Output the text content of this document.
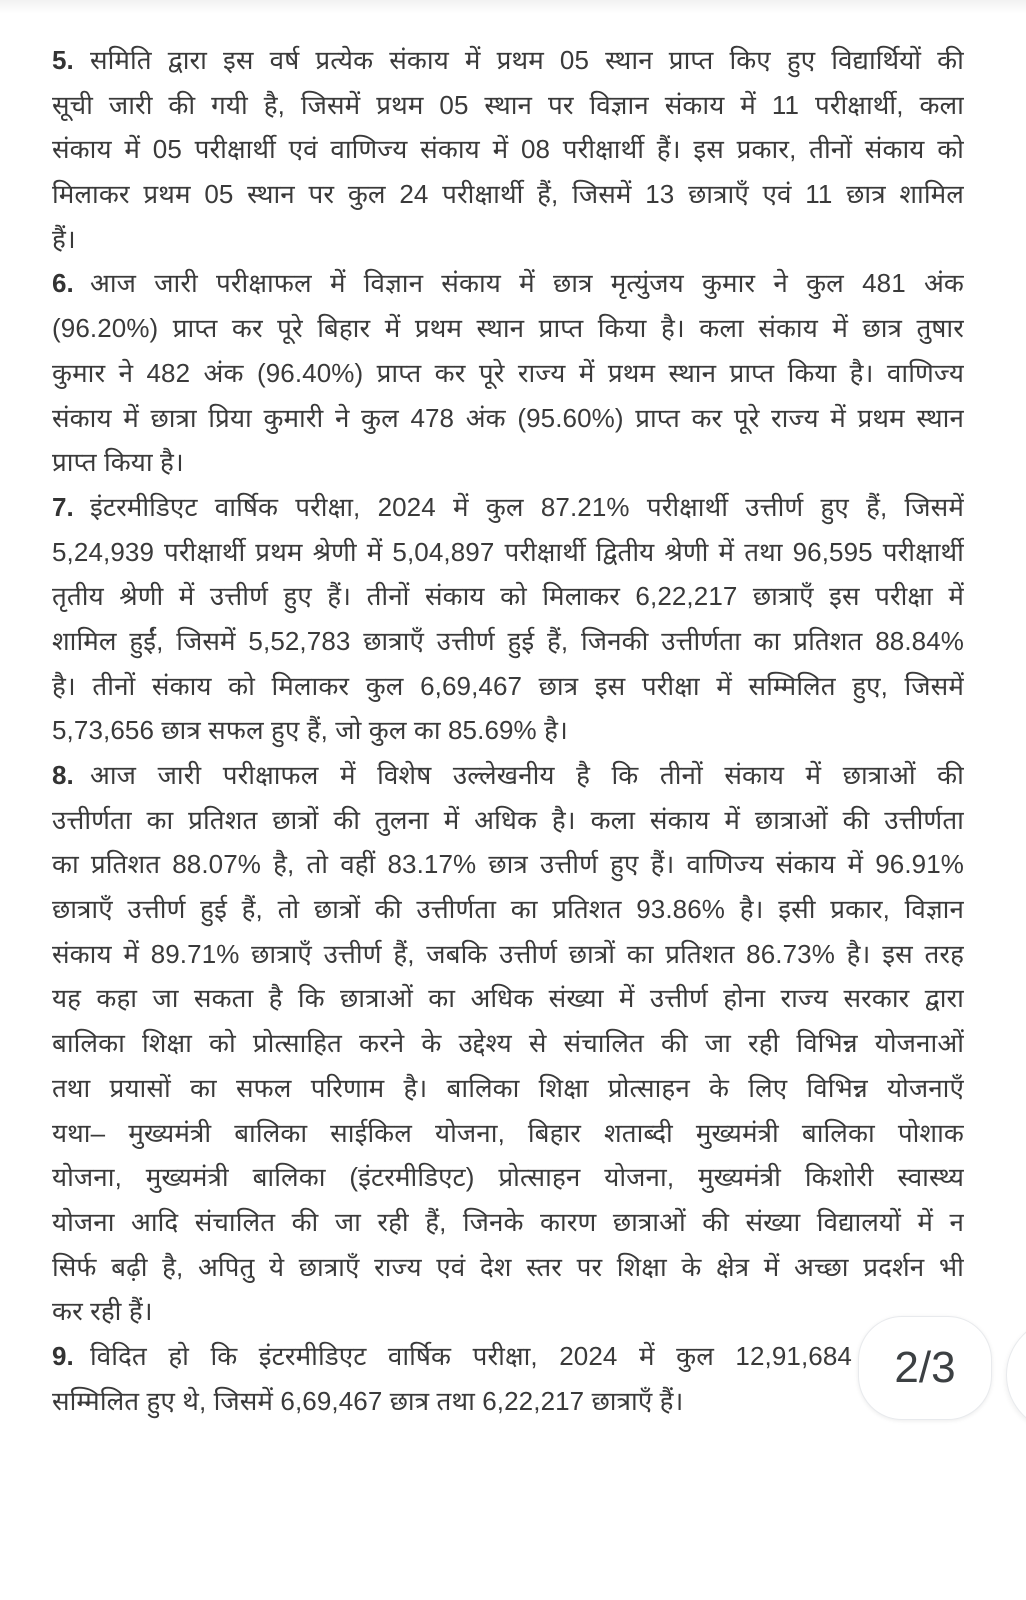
5. समिति द्वारा इस वर्ष प्रत्येक संकाय में प्रथम 05 स्थान प्राप्त किए हुए विद्यार्थियों की
सूची जारी की गयी है, जिसमें प्रथम 05 स्थान पर विज्ञान संकाय में 11 परीक्षार्थी, कला
संकाय में 05 परीक्षार्थी एवं वाणिज्य संकाय में 08 परीक्षार्थी हैं। इस प्रकार, तीनों संकाय को
मिलाकर प्रथम 05 स्थान पर कुल 24 परीक्षार्थी हैं, जिसमें 13 छात्राएँ एवं 11 छात्र शामिल
हैं।
6. आज जारी परीक्षाफल में विज्ञान संकाय में छात्र मृत्युंजय कुमार ने कुल 481 अंक
(96.20%) प्राप्त कर पूरे बिहार में प्रथम स्थान प्राप्त किया है। कला संकाय में छात्र तुषार
कुमार ने 482 अंक (96.40%) प्राप्त कर पूरे राज्य में प्रथम स्थान प्राप्त किया है। वाणिज्य
संकाय में छात्रा प्रिया कुमारी ने कुल 478 अंक (95.60%) प्राप्त कर पूरे राज्य में प्रथम स्थान
प्राप्त किया है।
7. इंटरमीडिएट वार्षिक परीक्षा, 2024 में कुल 87.21% परीक्षार्थी उत्तीर्ण हुए हैं, जिसमें
5,24,939 परीक्षार्थी प्रथम श्रेणी में 5,04,897 परीक्षार्थी द्वितीय श्रेणी में तथा 96,595 परीक्षार्थी
तृतीय श्रेणी में उत्तीर्ण हुए हैं। तीनों संकाय को मिलाकर 6,22,217 छात्राएँ इस परीक्षा में
शामिल हुईं, जिसमें 5,52,783 छात्राएँ उत्तीर्ण हुई हैं, जिनकी उत्तीर्णता का प्रतिशत 88.84%
है। तीनों संकाय को मिलाकर कुल 6,69,467 छात्र इस परीक्षा में सम्मिलित हुए, जिसमें
5,73,656 छात्र सफल हुए हैं, जो कुल का 85.69% है।
8. आज जारी परीक्षाफल में विशेष उल्लेखनीय है कि तीनों संकाय में छात्राओं की
उत्तीर्णता का प्रतिशत छात्रों की तुलना में अधिक है। कला संकाय में छात्राओं की उत्तीर्णता
का प्रतिशत 88.07% है, तो वहीं 83.17% छात्र उत्तीर्ण हुए हैं। वाणिज्य संकाय में 96.91%
छात्राएँ उत्तीर्ण हुई हैं, तो छात्रों की उत्तीर्णता का प्रतिशत 93.86% है। इसी प्रकार, विज्ञान
संकाय में 89.71% छात्राएँ उत्तीर्ण हैं, जबकि उत्तीर्ण छात्रों का प्रतिशत 86.73% है। इस तरह
यह कहा जा सकता है कि छात्राओं का अधिक संख्या में उत्तीर्ण होना राज्य सरकार द्वारा
बालिका शिक्षा को प्रोत्साहित करने के उद्देश्य से संचालित की जा रही विभिन्न योजनाओं
तथा प्रयासों का सफल परिणाम है। बालिका शिक्षा प्रोत्साहन के लिए विभिन्न योजनाएँ
यथा– मुख्यमंत्री बालिका साईकिल योजना, बिहार शताब्दी मुख्यमंत्री बालिका पोशाक
योजना, मुख्यमंत्री बालिका (इंटरमीडिएट) प्रोत्साहन योजना, मुख्यमंत्री किशोरी स्वास्थ्य
योजना आदि संचालित की जा रही हैं, जिनके कारण छात्राओं की संख्या विद्यालयों में न
सिर्फ बढ़ी है, अपितु ये छात्राएँ राज्य एवं देश स्तर पर शिक्षा के क्षेत्र में अच्छा प्रदर्शन भी
कर रही हैं।
9. विदित हो कि इंटरमीडिएट वार्षिक परीक्षा, 2024 में कुल 12,91,684
सम्मिलित हुए थे, जिसमें 6,69,467 छात्र तथा 6,22,217 छात्राएँ हैं।
2/3
